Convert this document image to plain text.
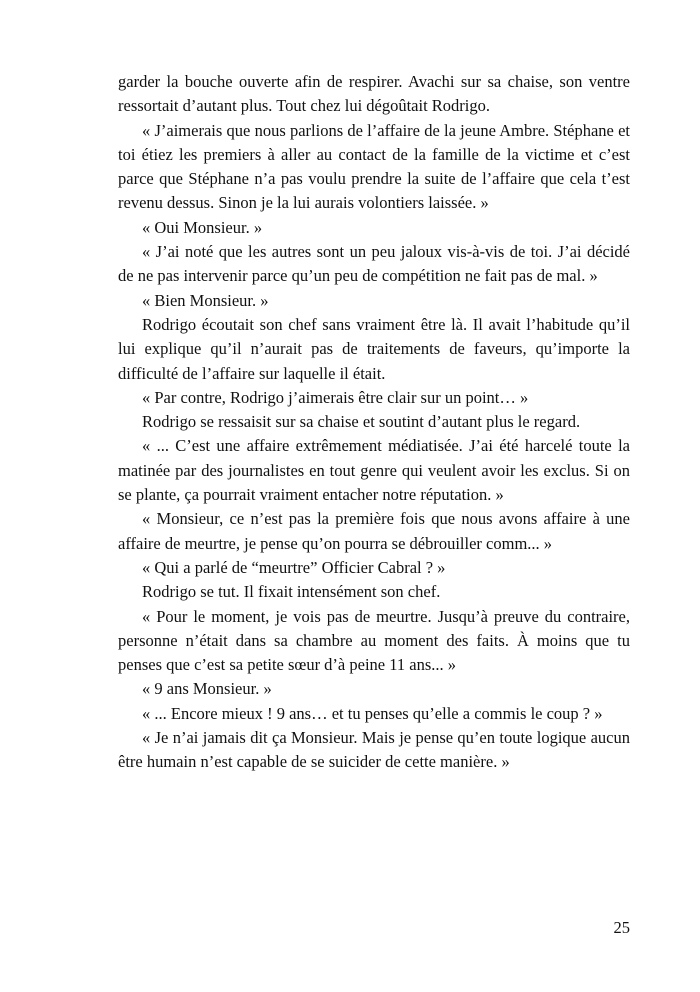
garder la bouche ouverte afin de respirer. Avachi sur sa chaise, son ventre ressortait d’autant plus. Tout chez lui dégoûtait Rodrigo.

« J’aimerais que nous parlions de l’affaire de la jeune Ambre. Stéphane et toi étiez les premiers à aller au contact de la famille de la victime et c’est parce que Stéphane n’a pas voulu prendre la suite de l’affaire que cela t’est revenu dessus. Sinon je la lui aurais volontiers laissée. »

« Oui Monsieur. »

« J’ai noté que les autres sont un peu jaloux vis-à-vis de toi. J’ai décidé de ne pas intervenir parce qu’un peu de compétition ne fait pas de mal. »

« Bien Monsieur. »

Rodrigo écoutait son chef sans vraiment être là. Il avait l’habitude qu’il lui explique qu’il n’aurait pas de traitements de faveurs, qu’importe la difficulté de l’affaire sur laquelle il était.

« Par contre, Rodrigo j’aimerais être clair sur un point… »

Rodrigo se ressaisit sur sa chaise et soutint d’autant plus le regard.

« ... C’est une affaire extrêmement médiatisée. J’ai été harcelé toute la matinée par des journalistes en tout genre qui veulent avoir les exclus. Si on se plante, ça pourrait vraiment entacher notre réputation. »

« Monsieur, ce n’est pas la première fois que nous avons affaire à une affaire de meurtre, je pense qu’on pourra se débrouiller comm... »

« Qui a parlé de “meurtre” Officier Cabral ? »

Rodrigo se tut. Il fixait intensément son chef.

« Pour le moment, je vois pas de meurtre. Jusqu’à preuve du contraire, personne n’était dans sa chambre au moment des faits. À moins que tu penses que c’est sa petite sœur d’à peine 11 ans... »

« 9 ans Monsieur. »

« ... Encore mieux ! 9 ans… et tu penses qu’elle a commis le coup ? »

« Je n’ai jamais dit ça Monsieur. Mais je pense qu’en toute logique aucun être humain n’est capable de se suicider de cette manière. »

25
